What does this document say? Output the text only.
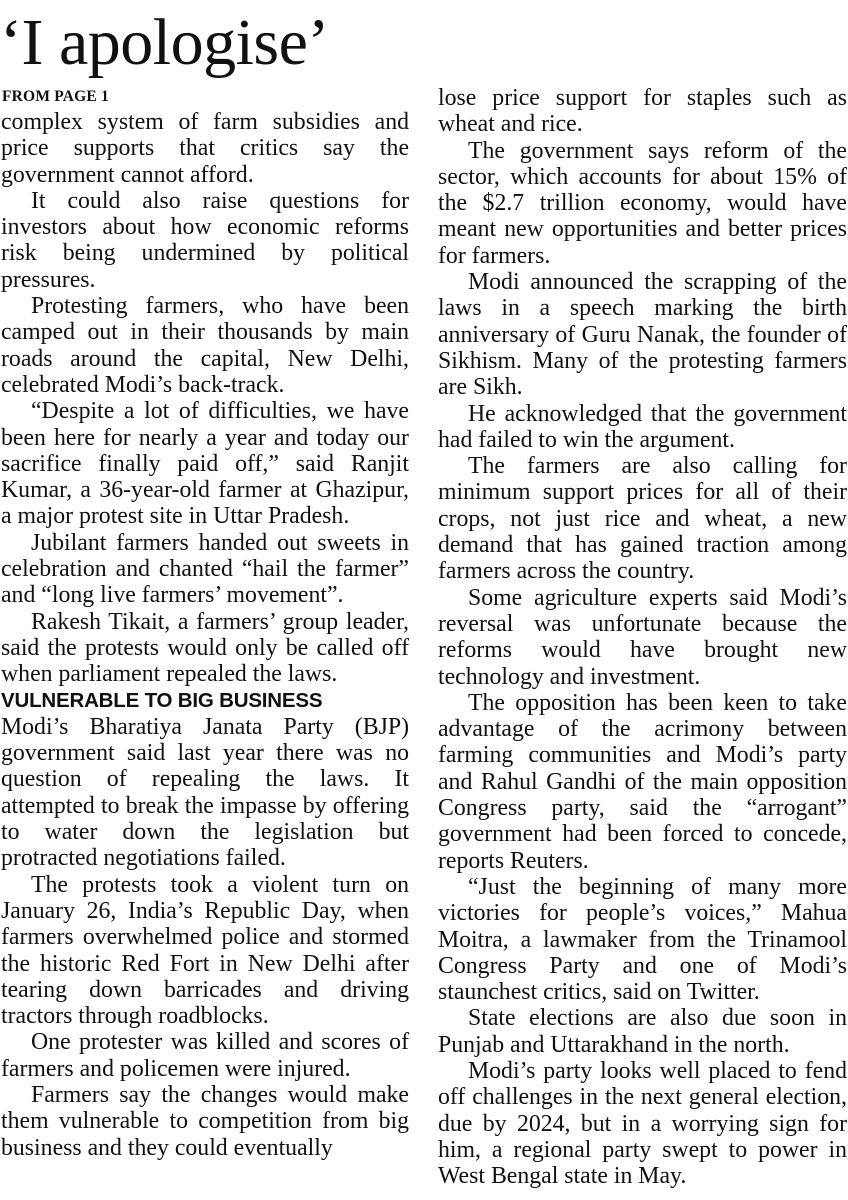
‘I apologise’
FROM PAGE 1

complex system of farm subsidies and price supports that critics say the government cannot afford.

It could also raise questions for investors about how economic reforms risk being undermined by political pressures.

Protesting farmers, who have been camped out in their thousands by main roads around the capital, New Delhi, celebrated Modi’s back-track.

“Despite a lot of difficulties, we have been here for nearly a year and today our sacrifice finally paid off,” said Ranjit Kumar, a 36-year-old farmer at Ghazipur, a major protest site in Uttar Pradesh.

Jubilant farmers handed out sweets in celebration and chanted “hail the farmer” and “long live farmers’ movement”.

Rakesh Tikait, a farmers’ group leader, said the protests would only be called off when parliament repealed the laws.

VULNERABLE TO BIG BUSINESS

Modi’s Bharatiya Janata Party (BJP) government said last year there was no question of repealing the laws. It attempted to break the impasse by offering to water down the legislation but protracted negotiations failed.

The protests took a violent turn on January 26, India’s Republic Day, when farmers overwhelmed police and stormed the historic Red Fort in New Delhi after tearing down barricades and driving tractors through roadblocks.

One protester was killed and scores of farmers and policemen were injured.

Farmers say the changes would make them vulnerable to competition from big business and they could eventually

lose price support for staples such as wheat and rice.

The government says reform of the sector, which accounts for about 15% of the $2.7 trillion economy, would have meant new opportunities and better prices for farmers.

Modi announced the scrapping of the laws in a speech marking the birth anniversary of Guru Nanak, the founder of Sikhism. Many of the protesting farmers are Sikh.

He acknowledged that the government had failed to win the argument.

The farmers are also calling for minimum support prices for all of their crops, not just rice and wheat, a new demand that has gained traction among farmers across the country.

Some agriculture experts said Modi’s reversal was unfortunate because the reforms would have brought new technology and investment.

The opposition has been keen to take advantage of the acrimony between farming communities and Modi’s party and Rahul Gandhi of the main opposition Congress party, said the “arrogant” government had been forced to concede, reports Reuters.

“Just the beginning of many more victories for people’s voices,” Mahua Moitra, a lawmaker from the Trinamool Congress Party and one of Modi’s staunchest critics, said on Twitter.

State elections are also due soon in Punjab and Uttarakhand in the north.

Modi’s party looks well placed to fend off challenges in the next general election, due by 2024, but in a worrying sign for him, a regional party swept to power in West Bengal state in May.
